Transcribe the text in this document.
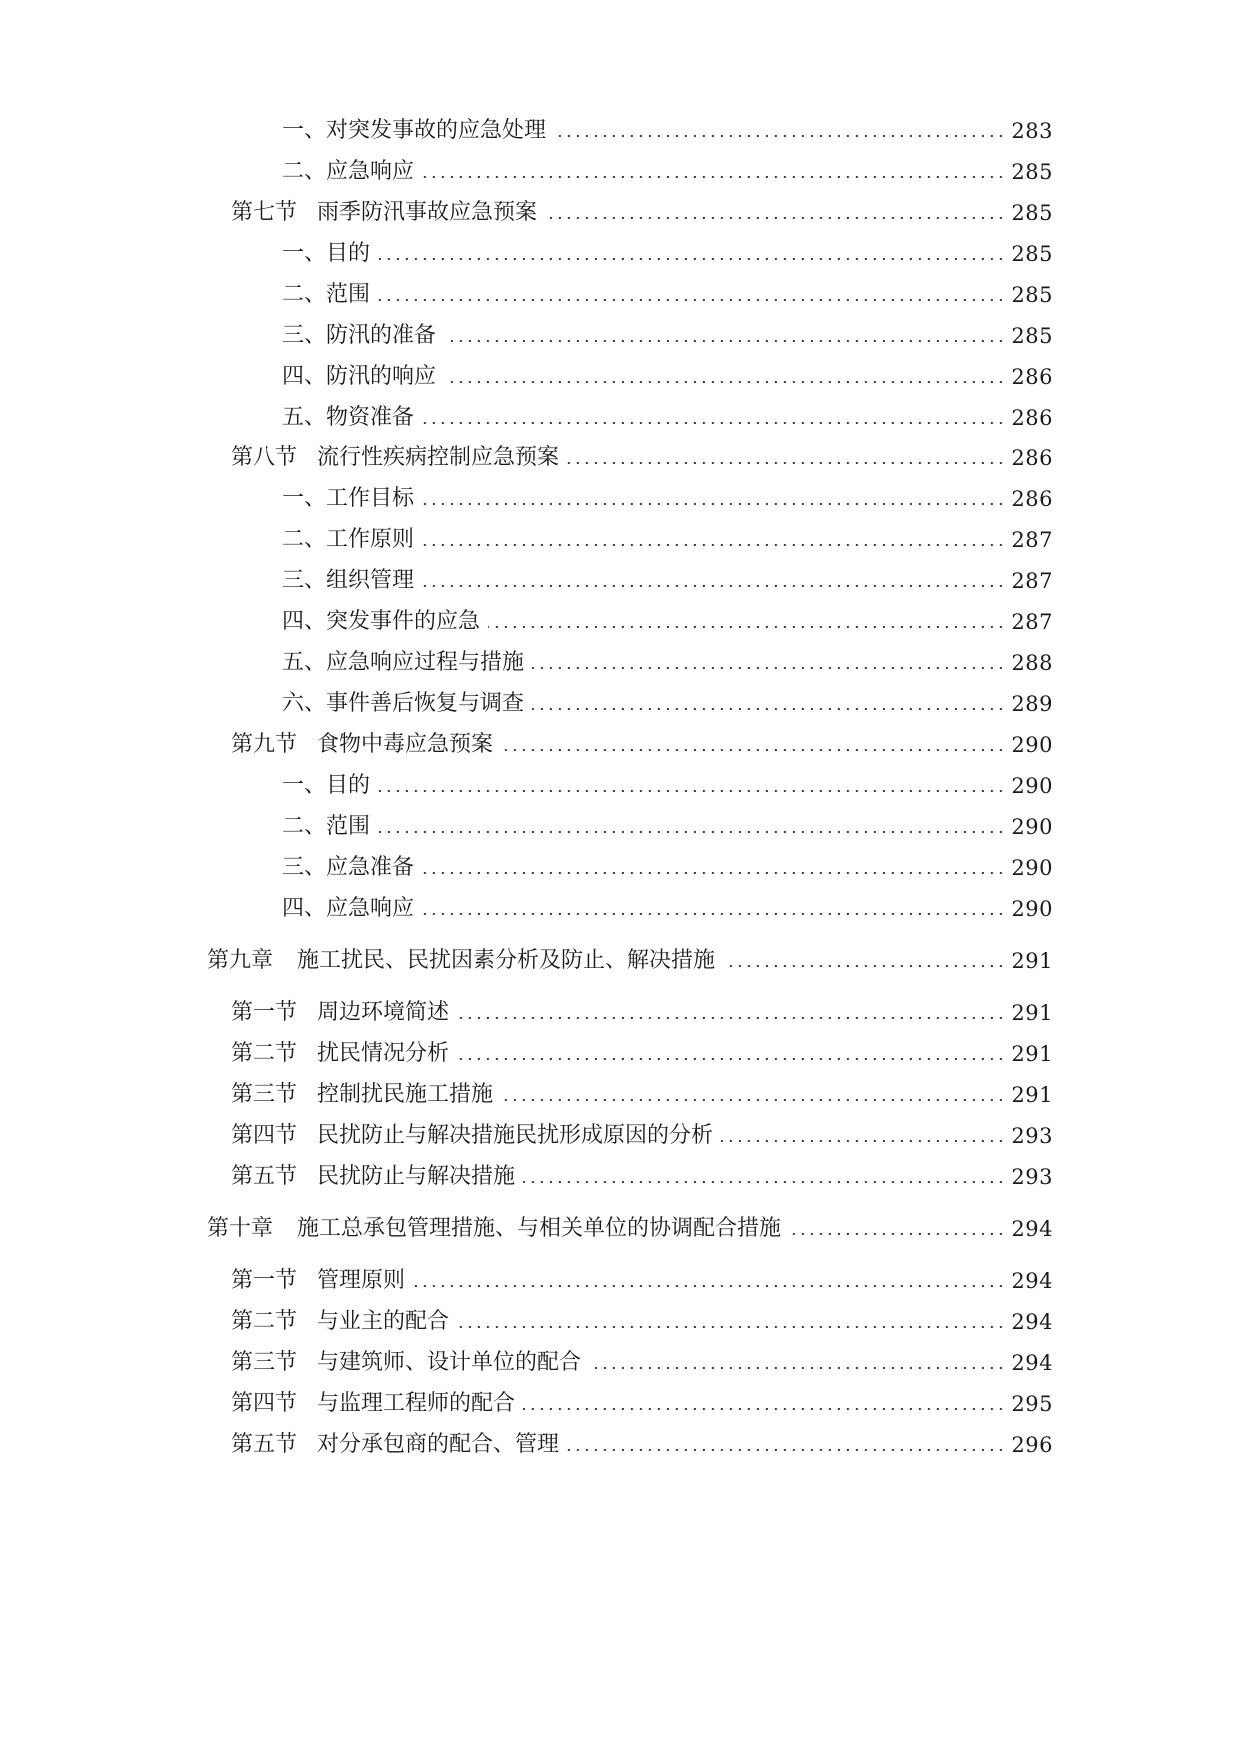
一、 对突发事故的应急处理	283
二、 应急响应	285
第七节 雨季防汛事故应急预案	285
一、 目的	285
二、 范围	285
三、 防汛的准备	285
四、 防汛的响应	286
五、 物资准备	286
第八节 流行性疾病控制应急预案	286
一、 工作目标	286
二、 工作原则	287
三、 组织管理	287
四、 突发事件的应急	287
五、 应急响应过程与措施	288
六、 事件善后恢复与调查	289
第九节 食物中毒应急预案	290
一、 目的	290
二、 范围	290
三、 应急准备	290
四、 应急响应	290
第九章 施工扰民、民扰因素分析及防止、解决措施	291
第一节 周边环境简述	291
第二节 扰民情况分析	291
第三节 控制扰民施工措施	291
第四节 民扰防止与解决措施民扰形成原因的分析	293
第五节 民扰防止与解决措施	293
第十章 施工总承包管理措施、与相关单位的协调配合措施	294
第一节 管理原则	294
第二节 与业主的配合	294
第三节 与建筑师、设计单位的配合	294
第四节 与监理工程师的配合	295
第五节 对分承包商的配合、管理	296
